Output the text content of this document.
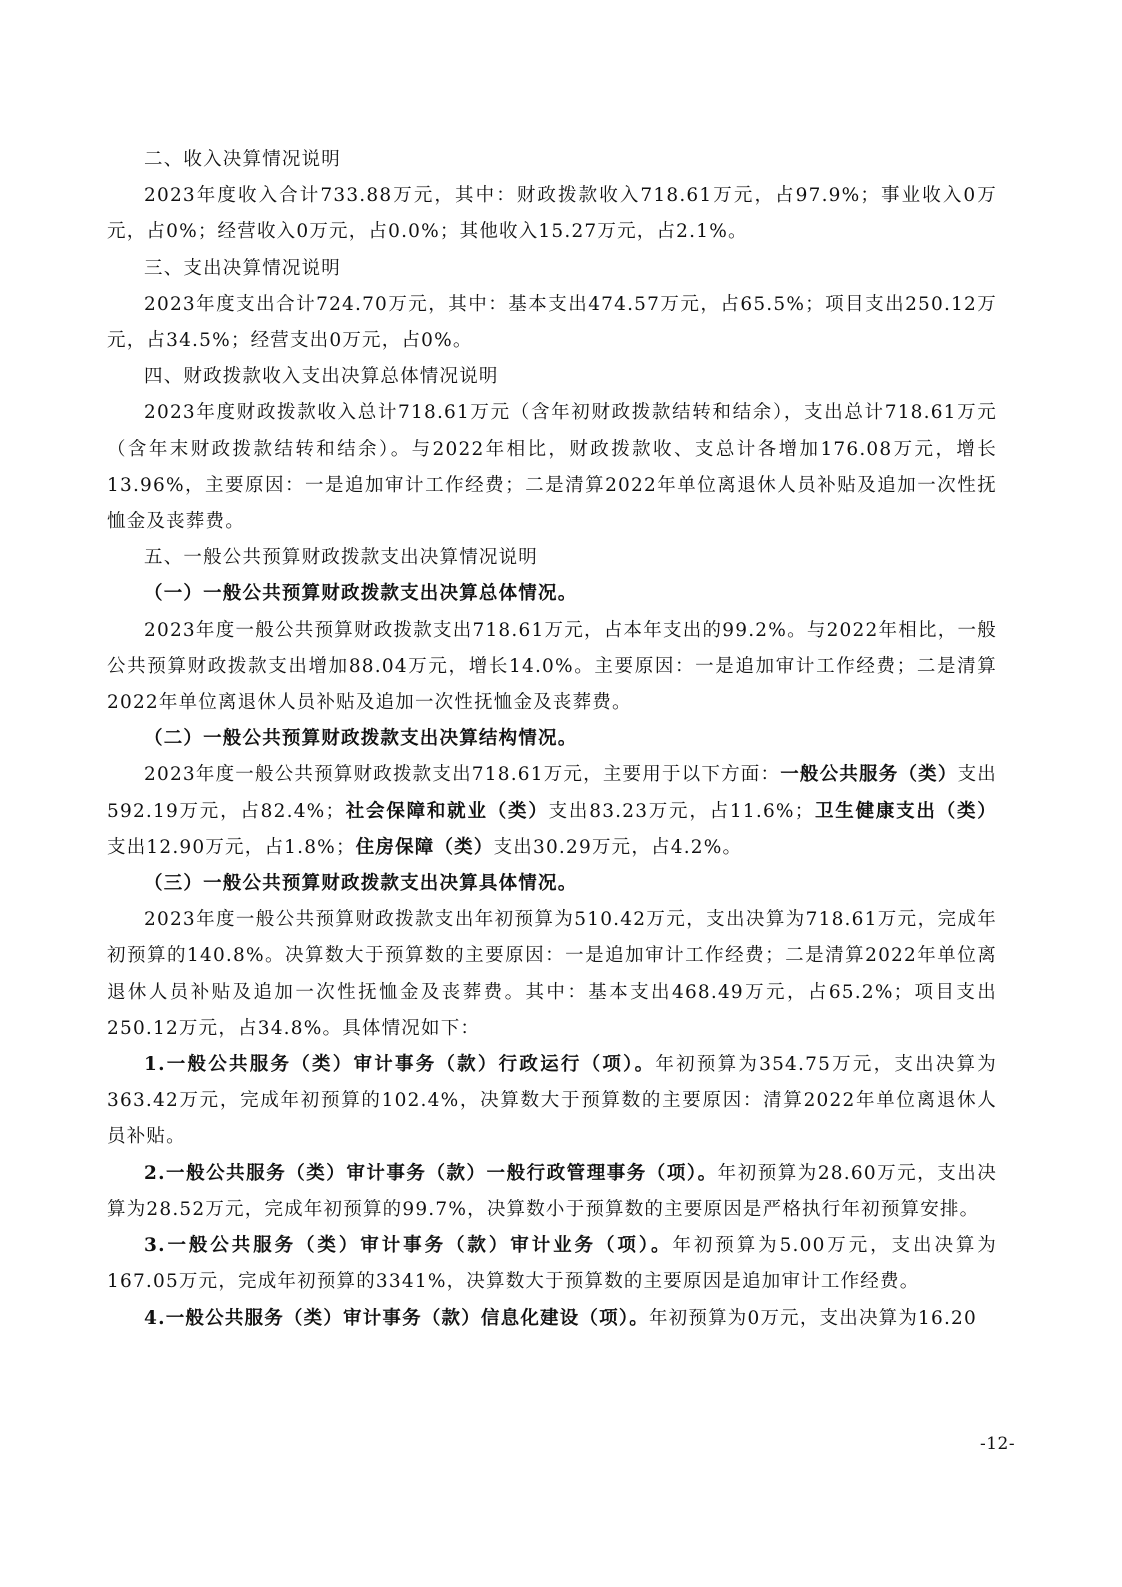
二、收入决算情况说明

2023年度收入合计733.88万元，其中：财政拨款收入718.61万元，占97.9%；事业收入0万元，占0%；经营收入0万元，占0.0%；其他收入15.27万元，占2.1%。

三、支出决算情况说明

2023年度支出合计724.70万元，其中：基本支出474.57万元，占65.5%；项目支出250.12万元，占34.5%；经营支出0万元，占0%。

四、财政拨款收入支出决算总体情况说明

2023年度财政拨款收入总计718.61万元（含年初财政拨款结转和结余），支出总计718.61万元（含年末财政拨款结转和结余）。与2022年相比，财政拨款收、支总计各增加176.08万元，增长13.96%，主要原因：一是追加审计工作经费；二是清算2022年单位离退休人员补贴及追加一次性抚恤金及丧葬费。

五、一般公共预算财政拨款支出决算情况说明

（一）一般公共预算财政拨款支出决算总体情况。

2023年度一般公共预算财政拨款支出718.61万元，占本年支出的99.2%。与2022年相比，一般公共预算财政拨款支出增加88.04万元，增长14.0%。主要原因：一是追加审计工作经费；二是清算2022年单位离退休人员补贴及追加一次性抚恤金及丧葬费。

（二）一般公共预算财政拨款支出决算结构情况。

2023年度一般公共预算财政拨款支出718.61万元，主要用于以下方面：一般公共服务（类）支出592.19万元，占82.4%；社会保障和就业（类）支出83.23万元，占11.6%；卫生健康支出（类）支出12.90万元，占1.8%；住房保障（类）支出30.29万元，占4.2%。

（三）一般公共预算财政拨款支出决算具体情况。

2023年度一般公共预算财政拨款支出年初预算为510.42万元，支出决算为718.61万元，完成年初预算的140.8%。决算数大于预算数的主要原因：一是追加审计工作经费；二是清算2022年单位离退休人员补贴及追加一次性抚恤金及丧葬费。其中：基本支出468.49万元，占65.2%；项目支出250.12万元，占34.8%。具体情况如下：

1.一般公共服务（类）审计事务（款）行政运行（项）。年初预算为354.75万元，支出决算为363.42万元，完成年初预算的102.4%，决算数大于预算数的主要原因：清算2022年单位离退休人员补贴。

2.一般公共服务（类）审计事务（款）一般行政管理事务（项）。年初预算为28.60万元，支出决算为28.52万元，完成年初预算的99.7%，决算数小于预算数的主要原因是严格执行年初预算安排。

3.一般公共服务（类）审计事务（款）审计业务（项）。年初预算为5.00万元，支出决算为167.05万元，完成年初预算的3341%，决算数大于预算数的主要原因是追加审计工作经费。

4.一般公共服务（类）审计事务（款）信息化建设（项）。年初预算为0万元，支出决算为16.20

-12-
